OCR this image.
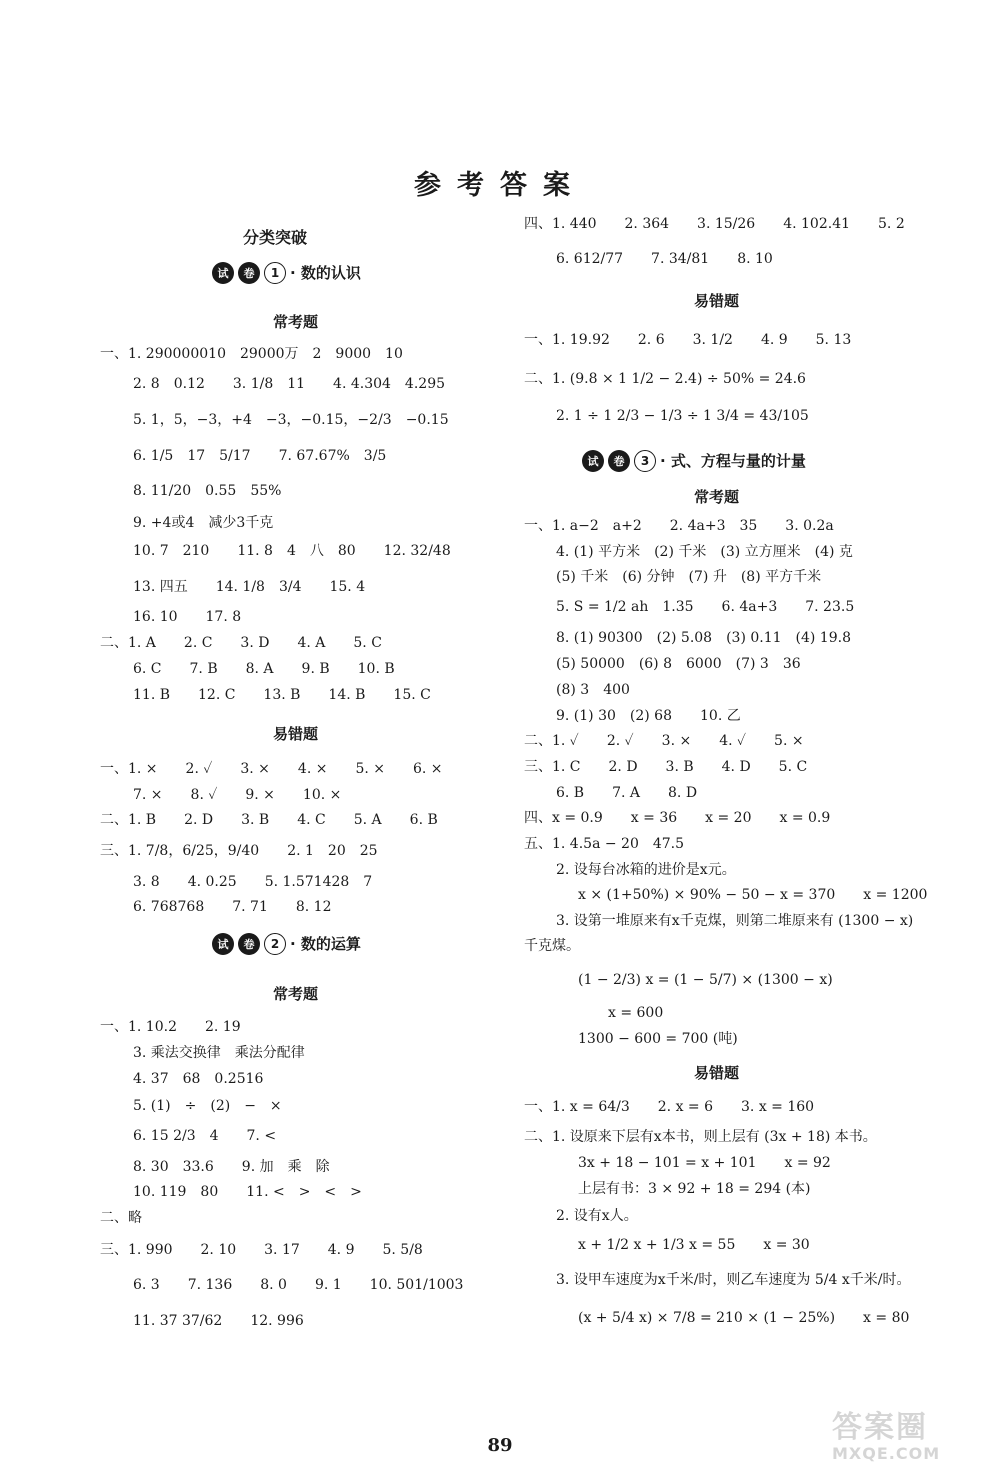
参考答案
分类突破
试	卷	1 · 数的认识
常考题
一、1. 290000010　29000万　2　9000　10
2. 8　0.12　　3. 1/8　11　　4. 4.304　4.295
5. 1，5，−3，+4　−3，−0.15，−2/3　−0.15
6. 1/5　17　5/17　　7. 67.67%　3/5
8. 11/20　0.55　55%
9. +4或4　减少3千克
10. 7　210　　11. 8　4　八　80　　12. 32/48
13. 四五　　14. 1/8　3/4　　15. 4
16. 10　　17. 8
二、1. A　　2. C　　3. D　　4. A　　5. C
6. C　　7. B　　8. A　　9. B　　10. B
11. B　　12. C　　13. B　　14. B　　15. C
易错题
一、1. ×　　2. ✓　　3. ×　　4. ×　　5. ×　　6. ×
7. ×　　8. ✓　　9. ×　　10. ×
二、1. B　　2. D　　3. B　　4. C　　5. A　　6. B
三、1. 7/8，6/25，9/40　　2. 1　20　25
3. 8　　4. 0.25　　5. 1.571428　7
6. 768768　　7. 71　　8. 12
试	卷	2 · 数的运算
常考题
一、1. 10.2　　2. 19
3. 乘法交换律　乘法分配律
4. 37　68　0.2516
5. (1)　÷　(2)　−　×
6. 15 2/3　4　　7. <
8. 30　33.6　　9. 加　乘　除
10. 119　80　　11. <　>　<　>
二、略
三、1. 990　　2. 10　　3. 17　　4. 9　　5. 5/8
6. 3　　7. 136　　8. 0　　9. 1　　10. 501/1003
11. 37 37/62　　12. 996
四、1. 440　　2. 364　　3. 15/26　　4. 102.41　　5. 2
6. 612/77　　7. 34/81　　8. 10
易错题
一、1. 19.92　　2. 6　　3. 1/2　　4. 9　　5. 13
二、1. (9.8 × 1 1/2 − 2.4) ÷ 50% = 24.6
2. 1 ÷ 1 2/3 − 1/3 ÷ 1 3/4 = 43/105
试	卷	3 · 式、方程与量的计量
常考题
一、1. a−2　a+2　　2. 4a+3　35　　3. 0.2a
4. (1) 平方米　(2) 千米　(3) 立方厘米　(4) 克
(5) 千米　(6) 分钟　(7) 升　(8) 平方千米
5. S = 1/2 ah　1.35　　6. 4a+3　　7. 23.5
8. (1) 90300　(2) 5.08　(3) 0.11　(4) 19.8
(5) 50000　(6) 8　6000　(7) 3　36
(8) 3　400
9. (1) 30　(2) 68　　10. 乙
二、1. ✓　　2. ✓　　3. ×　　4. ✓　　5. ×
三、1. C　　2. D　　3. B　　4. D　　5. C
6. B　　7. A　　8. D
四、x = 0.9　　x = 36　　x = 20　　x = 0.9
五、1. 4.5a − 20　47.5
2. 设每台冰箱的进价是x元。
x × (1+50%) × 90% − 50 − x = 370　　x = 1200
3. 设第一堆原来有x千克煤，则第二堆原来有 (1300 − x)
千克煤。
(1 − 2/3) x = (1 − 5/7) × (1300 − x)
x = 600
1300 − 600 = 700 (吨)
易错题
一、1. x = 64/3　　2. x = 6　　3. x = 160
二、1. 设原来下层有x本书，则上层有 (3x + 18) 本书。
3x + 18 − 101 = x + 101　　x = 92
上层有书：3 × 92 + 18 = 294 (本)
2. 设有x人。
x + 1/2 x + 1/3 x = 55　　x = 30
3. 设甲车速度为x千米/时，则乙车速度为 5/4 x千米/时。
(x + 5/4 x) × 7/8 = 210 × (1 − 25%)　　x = 80
89
答案圈
MXQE.COM
